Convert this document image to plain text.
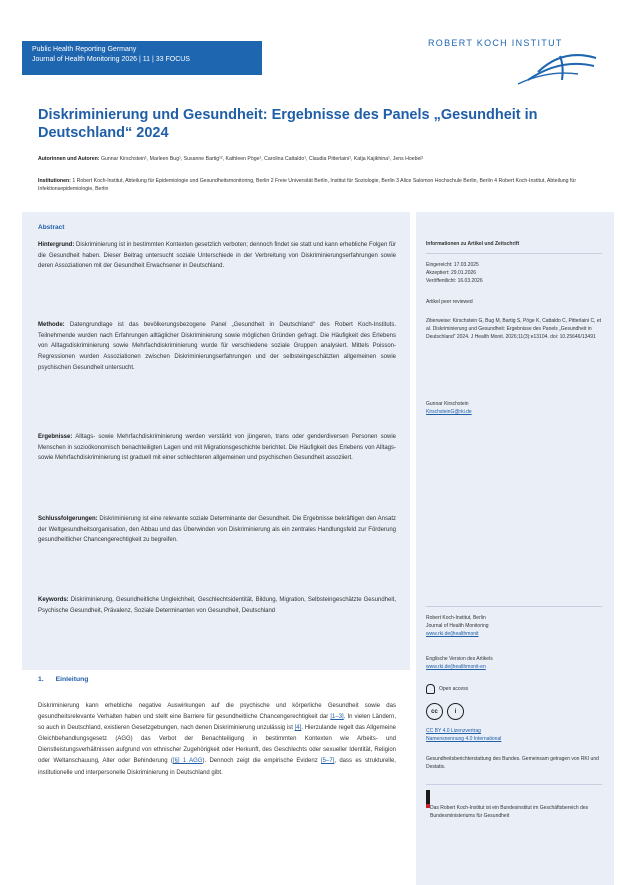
Public Health Reporting Germany
Journal of Health Monitoring 2026 | 11 | 33 FOCUS
ROBERT KOCH INSTITUT
Diskriminierung und Gesundheit: Ergebnisse des Panels „Gesundheit in Deutschland“ 2024
Autorinnen und Autoren: Gunnar Kirschstein¹, Marleen Bug¹, Susanne Bartig¹², Kathleen Pöge¹, Carolina Cattaldo¹, Claudia Pitterlaini¹, Katja Kajikhina¹, Jens Hoebel¹
Institutionen: 1 Robert Koch-Institut, Abteilung für Epidemiologie und Gesundheitsmonitoring, Berlin 2 Freie Universität Berlin, Institut für Soziologie, Berlin 3 Alice Salomon Hochschule Berlin, Berlin 4 Robert Koch-Institut, Abteilung für Infektionsepidemiologie, Berlin
Abstract

Hintergrund: Diskriminierung ist in bestimmten Kontexten gesetzlich verboten; dennoch findet sie statt und kann erhebliche Folgen für die Gesundheit haben. Dieser Beitrag untersucht soziale Unterschiede in der Verbreitung von Diskriminierungserfahrungen sowie deren Assoziationen mit der Gesundheit Erwachsener in Deutschland.

Methode: Datengrundlage ist das bevölkerungsbezogene Panel „Gesundheit in Deutschland“ des Robert Koch-Instituts. Teilnehmende wurden nach Erfahrungen alltäglicher Diskriminierung sowie möglichen Gründen gefragt. Die Häufigkeit des Erlebens von Alltagsdiskriminierung sowie Mehrfachdiskriminierung wurde für verschiedene soziale Gruppen analysiert. Mittels Poisson-Regressionen wurden Assoziationen zwischen Diskriminierungserfahrungen und der selbsteingeschätzten allgemeinen sowie psychischen Gesundheit untersucht.

Ergebnisse: Alltags- sowie Mehrfachdiskriminierung werden verstärkt von jüngeren, trans oder genderdiversen Personen sowie Menschen in sozioökonomisch benachteiligten Lagen und mit Migrationsgeschichte berichtet. Die Häufigkeit des Erlebens von Alltags- sowie Mehrfachdiskriminierung ist graduell mit einer schlechteren allgemeinen und psychischen Gesundheit assoziiert.

Schlussfolgerungen: Diskriminierung ist eine relevante soziale Determinante der Gesundheit. Die Ergebnisse bekräftigen den Ansatz der Weltgesundheitsorganisation, den Abbau und das Überwinden von Diskriminierung als ein zentrales Handlungsfeld zur Förderung gesundheitlicher Chancengerechtigkeit zu begreifen.

Keywords: Diskriminierung, Gesundheitliche Ungleichheit, Geschlechtsidentität, Bildung, Migration, Selbsteingeschätzte Gesundheit, Psychische Gesundheit, Prävalenz, Soziale Determinanten von Gesundheit, Deutschland

Informationen zu Artikel und Zeitschrift
Eingereicht: 17.03.2025
Akzeptiert: 29.01.2026
Veröffentlicht: 16.03.2026
Artikel peer reviewed
Zitierweise: Kirschstein G, Bug M, Bartig S, Pöge K, Cattaldo C, Pitterlaini C, et al. Diskriminierung und Gesundheit: Ergebnisse des Panels „Gesundheit in Deutschland“ 2024. J Health Monit. 2026;11(3):e13104. doi: 10.25646/13491
Gunnar Kirschstein
KirschsteinG@rki.de
Robert Koch-Institut, Berlin
Journal of Health Monitoring
www.rki.de/jhealthmonit
Englische Version des Artikels
www.rki.de/jhealthmonit-en
Open access
cc	i
CC BY 4.0 Lizenzvertrag
Namensnennung 4.0 International
Gesundheitsberichterstattung des Bundes. Gemeinsam getragen von RKI und Destatis.
Das Robert Koch-Institut ist ein Bundesinstitut im Geschäftsbereich des Bundesministeriums für Gesundheit
1. Einleitung

Diskriminierung kann erhebliche negative Auswirkungen auf die psychische und körperliche Gesundheit sowie das gesundheitsrelevante Verhalten haben und stellt eine Barriere für gesundheitliche Chancengerechtigkeit dar [1–3]. In vielen Ländern, so auch in Deutschland, existieren Gesetzgebungen, nach denen Diskriminierung unzulässig ist [4]. Hierzulande regelt das Allgemeine Gleichbehandlungsgesetz (AGG) das Verbot der Benachteiligung in bestimmten Kontexten wie Arbeits- und Dienstleistungsverhältnissen aufgrund von ethnischer Zugehörigkeit oder Herkunft, des Geschlechts oder sexueller Identität, Religion oder Weltanschauung, Alter oder Behinderung ([§] 1 AGG). Dennoch zeigt die empirische Evidenz [5–7], dass es strukturelle, institutionelle und interpersonelle Diskriminierung in Deutschland gibt.
